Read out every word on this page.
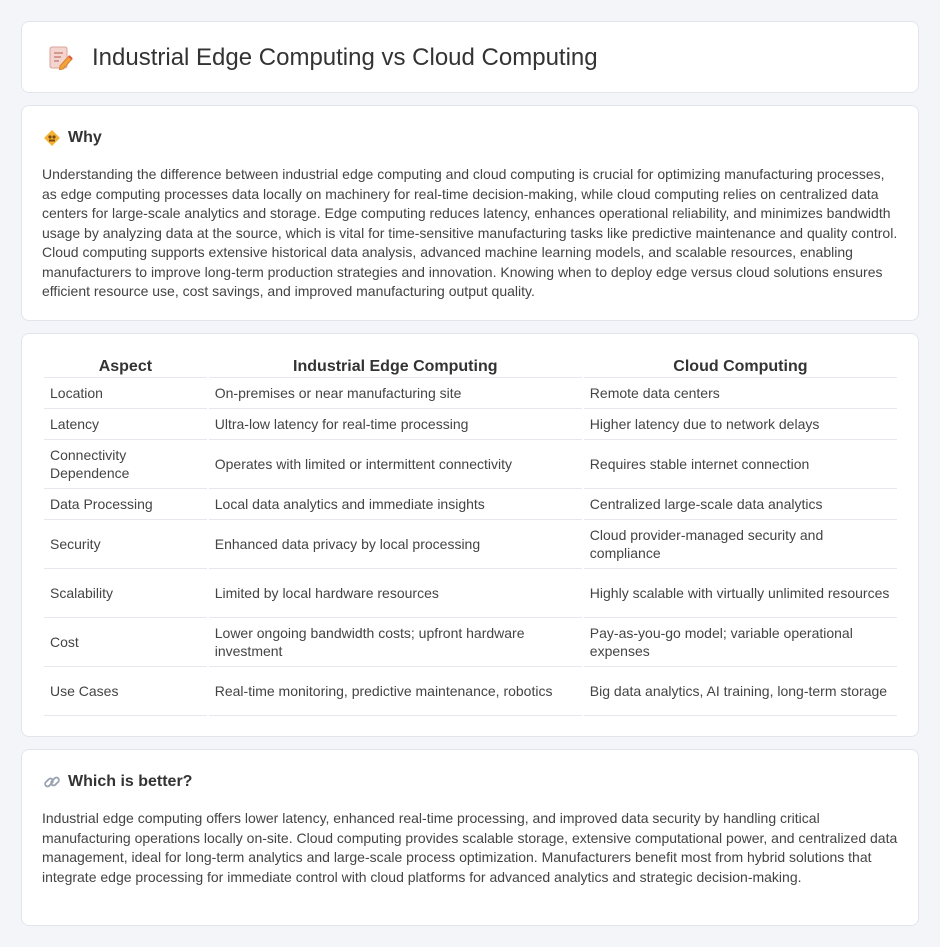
Industrial Edge Computing vs Cloud Computing
Why

Understanding the difference between industrial edge computing and cloud computing is crucial for optimizing manufacturing processes, as edge computing processes data locally on machinery for real-time decision-making, while cloud computing relies on centralized data centers for large-scale analytics and storage. Edge computing reduces latency, enhances operational reliability, and minimizes bandwidth usage by analyzing data at the source, which is vital for time-sensitive manufacturing tasks like predictive maintenance and quality control. Cloud computing supports extensive historical data analysis, advanced machine learning models, and scalable resources, enabling manufacturers to improve long-term production strategies and innovation. Knowing when to deploy edge versus cloud solutions ensures efficient resource use, cost savings, and improved manufacturing output quality.

Aspect	Industrial Edge Computing	Cloud Computing
Location	On-premises or near manufacturing site	Remote data centers
Latency	Ultra-low latency for real-time processing	Higher latency due to network delays
Connectivity Dependence	Operates with limited or intermittent connectivity	Requires stable internet connection
Data Processing	Local data analytics and immediate insights	Centralized large-scale data analytics
Security	Enhanced data privacy by local processing	Cloud provider-managed security and compliance
Scalability	Limited by local hardware resources	Highly scalable with virtually unlimited resources
Cost	Lower ongoing bandwidth costs; upfront hardware investment	Pay-as-you-go model; variable operational expenses
Use Cases	Real-time monitoring, predictive maintenance, robotics	Big data analytics, AI training, long-term storage
Which is better?

Industrial edge computing offers lower latency, enhanced real-time processing, and improved data security by handling critical manufacturing operations locally on-site. Cloud computing provides scalable storage, extensive computational power, and centralized data management, ideal for long-term analytics and large-scale process optimization. Manufacturers benefit most from hybrid solutions that integrate edge processing for immediate control with cloud platforms for advanced analytics and strategic decision-making.
